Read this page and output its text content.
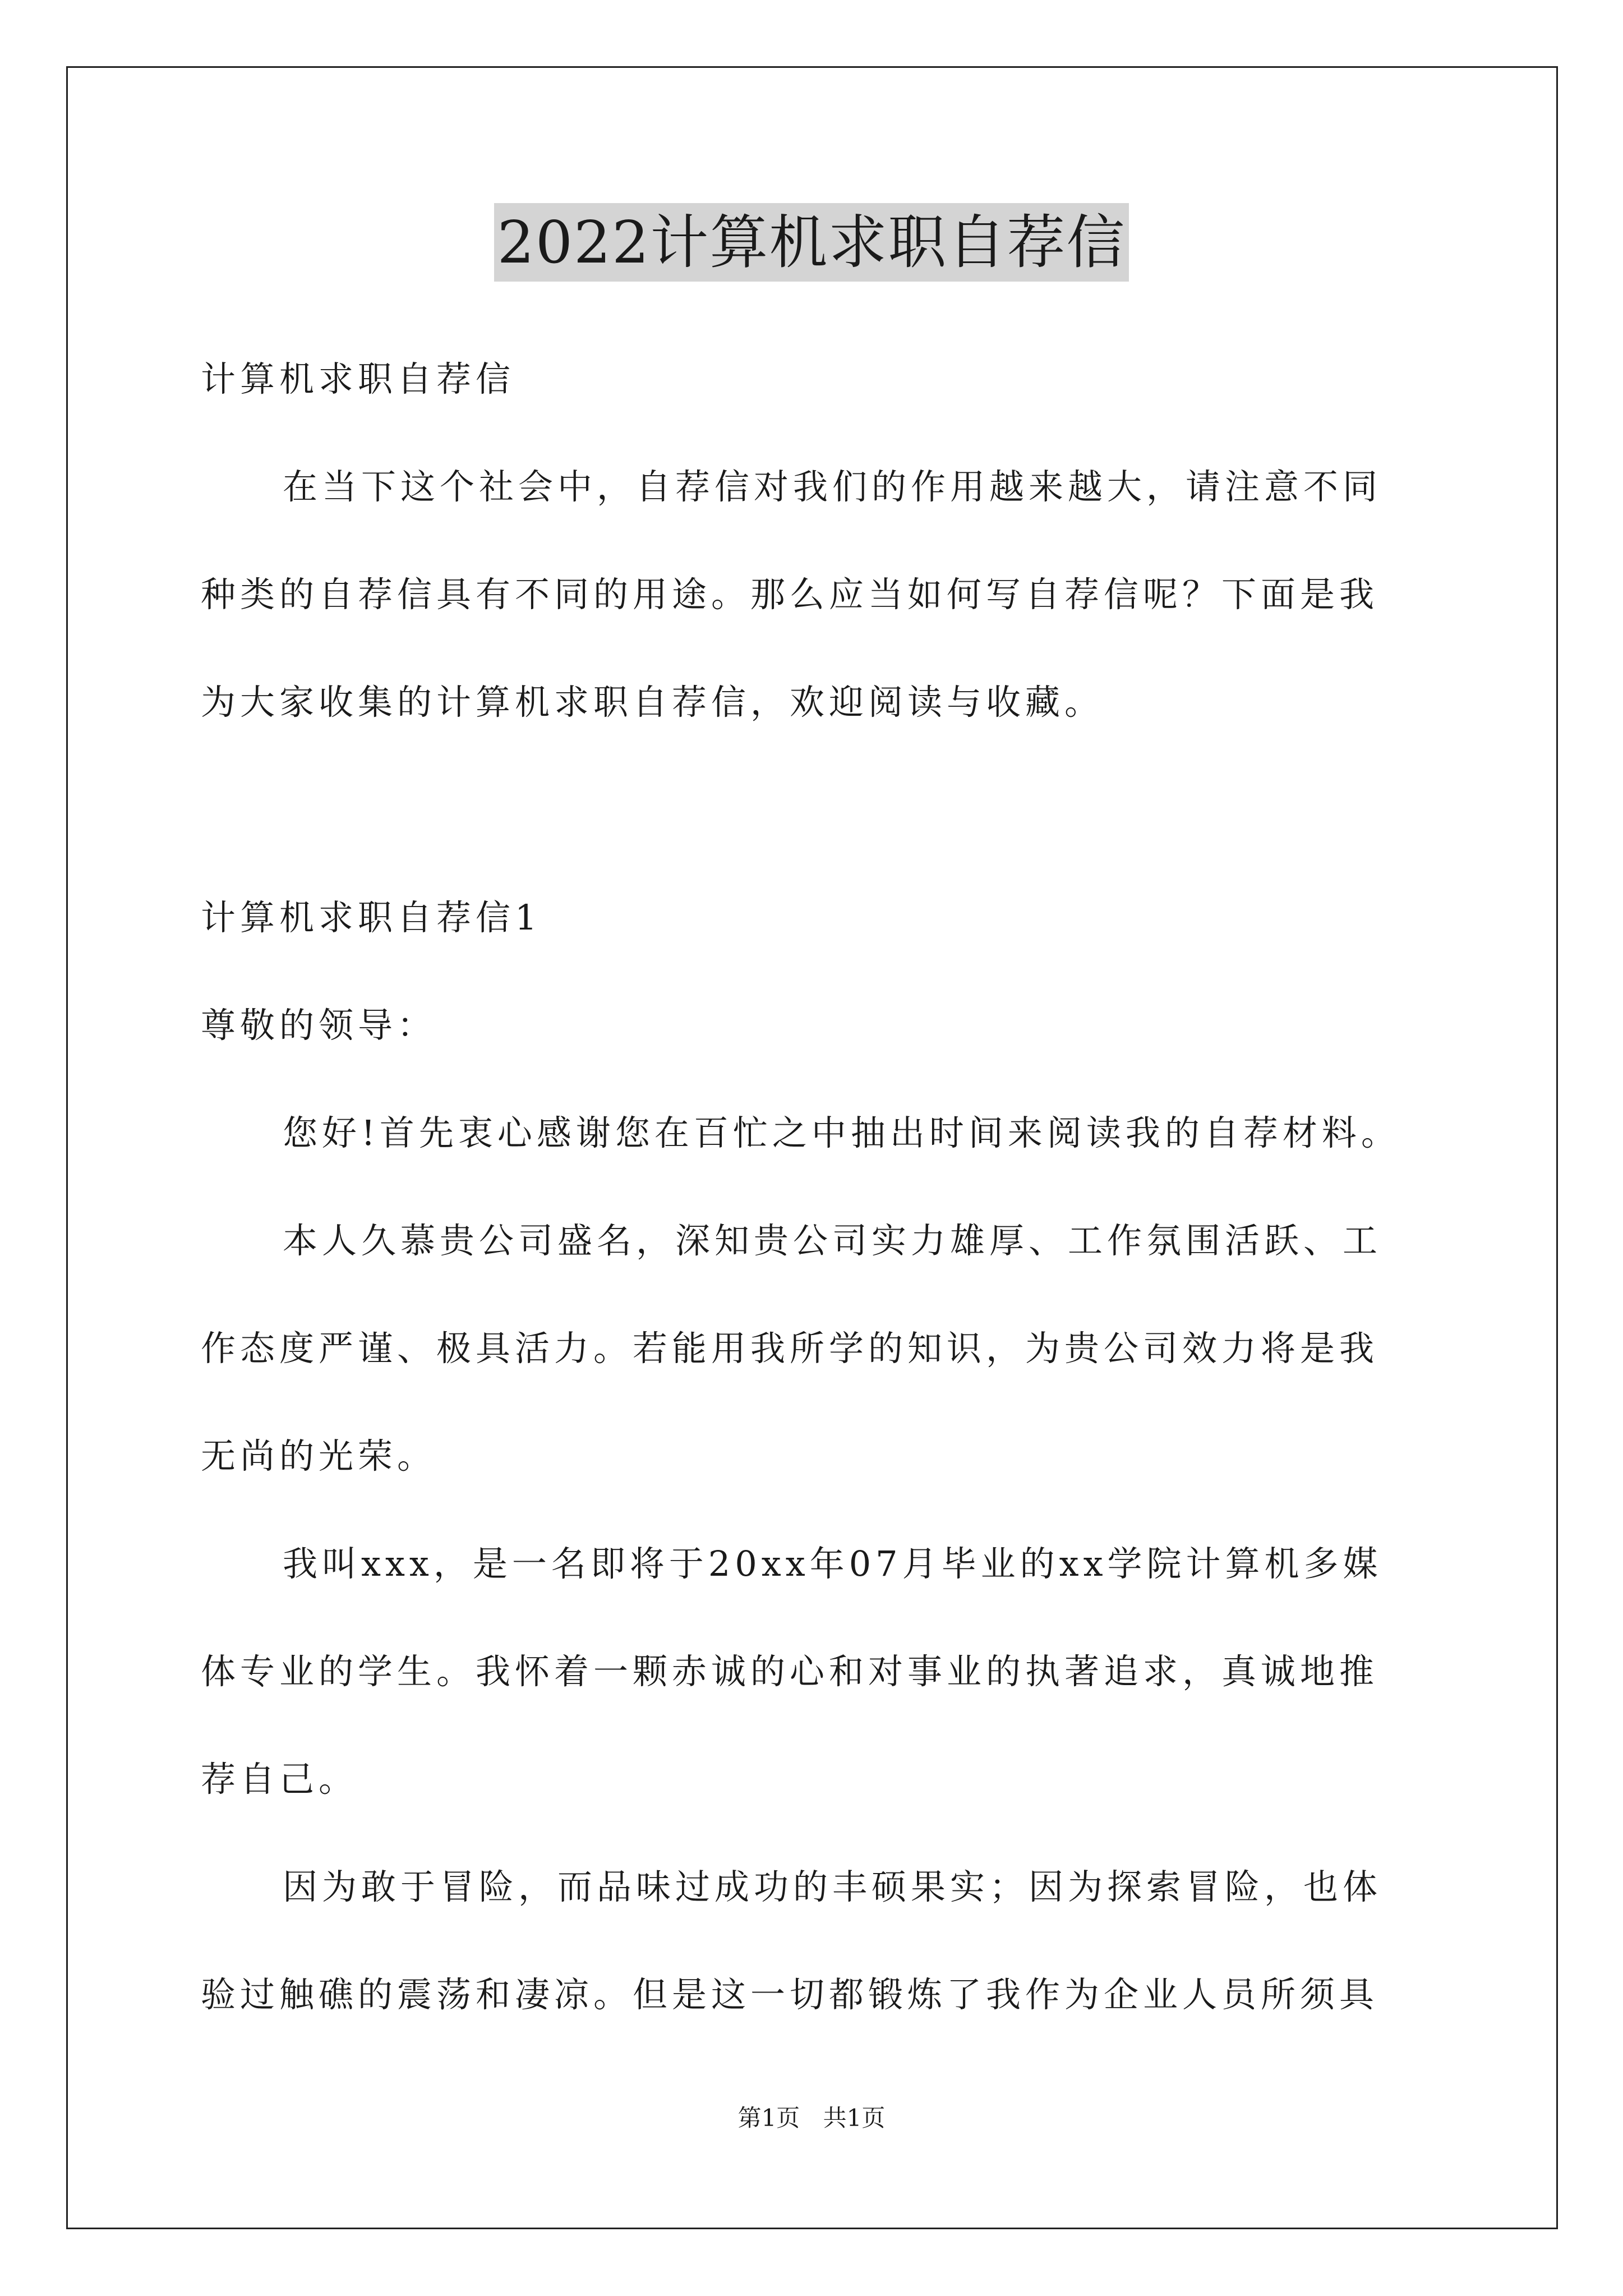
2022计算机求职自荐信
计算机求职自荐信
在当下这个社会中，自荐信对我们的作用越来越大，请注意不同
种类的自荐信具有不同的用途。那么应当如何写自荐信呢？下面是我
为大家收集的计算机求职自荐信，欢迎阅读与收藏。
计算机求职自荐信1
尊敬的领导：
您好!首先衷心感谢您在百忙之中抽出时间来阅读我的自荐材料。
本人久慕贵公司盛名，深知贵公司实力雄厚、工作氛围活跃、工
作态度严谨、极具活力。若能用我所学的知识，为贵公司效力将是我
无尚的光荣。
我叫xxx，是一名即将于20xx年07月毕业的xx学院计算机多媒
体专业的学生。我怀着一颗赤诚的心和对事业的执著追求，真诚地推
荐自己。
因为敢于冒险，而品味过成功的丰硕果实；因为探索冒险，也体
验过触礁的震荡和凄凉。但是这一切都锻炼了我作为企业人员所须具
第1页 共1页
